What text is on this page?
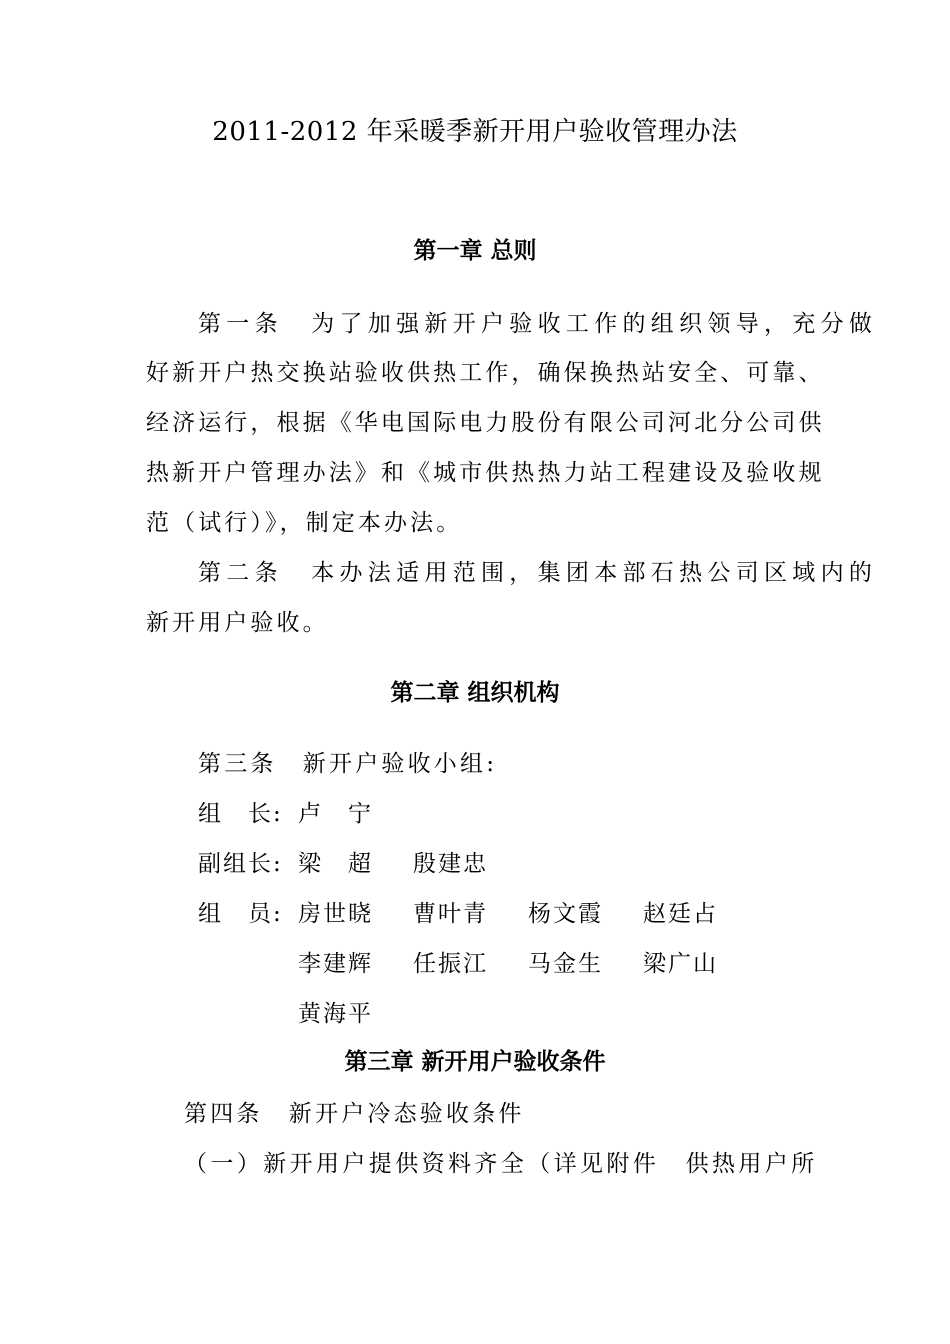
2011-2012 年采暖季新开用户验收管理办法
第一章 总则
第一条　为了加强新开户验收工作的组织领导，充分做
好新开户热交换站验收供热工作，确保换热站安全、可靠、
经济运行，根据《华电国际电力股份有限公司河北分公司供
热新开户管理办法》和《城市供热热力站工程建设及验收规
范（试行）》，制定本办法。
第二条　本办法适用范围，集团本部石热公司区域内的
新开用户验收。
第二章 组织机构
第三条　新开户验收小组:
组　长: 卢　宁
副组长: 梁　超 殷建忠
组　员: 房世晓 曹叶青 杨文霞 赵廷占
李建辉 任振江 马金生 梁广山
黄海平
第三章 新开用户验收条件
第四条　新开户冷态验收条件
（一）新开用户提供资料齐全（详见附件　供热用户所
